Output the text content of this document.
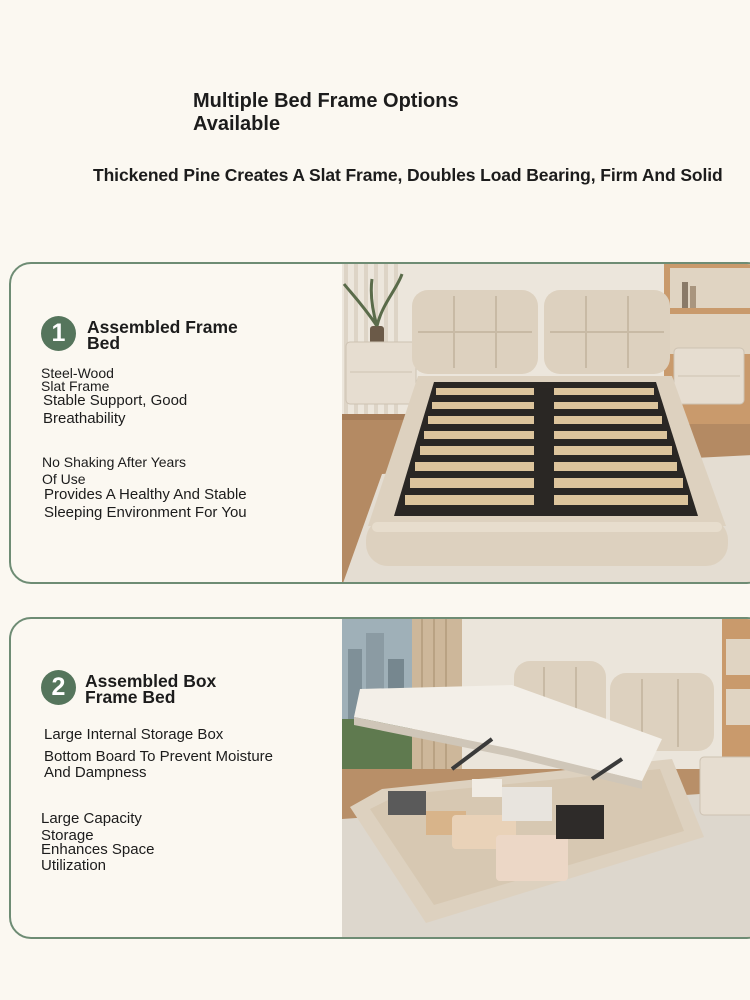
Multiple Bed Frame Options
Available
Thickened Pine Creates A Slat Frame, Doubles Load Bearing, Firm And Solid
1	Assembled Frame
Bed
Steel-Wood
Slat Frame
Stable Support, Good
Breathability
No Shaking After Years
Of Use
Provides A Healthy And Stable
Sleeping Environment For You
2	Assembled Box
Frame Bed
Large Internal Storage Box
Bottom Board To Prevent Moisture
And Dampness
Large Capacity
Storage
Enhances Space
Utilization
